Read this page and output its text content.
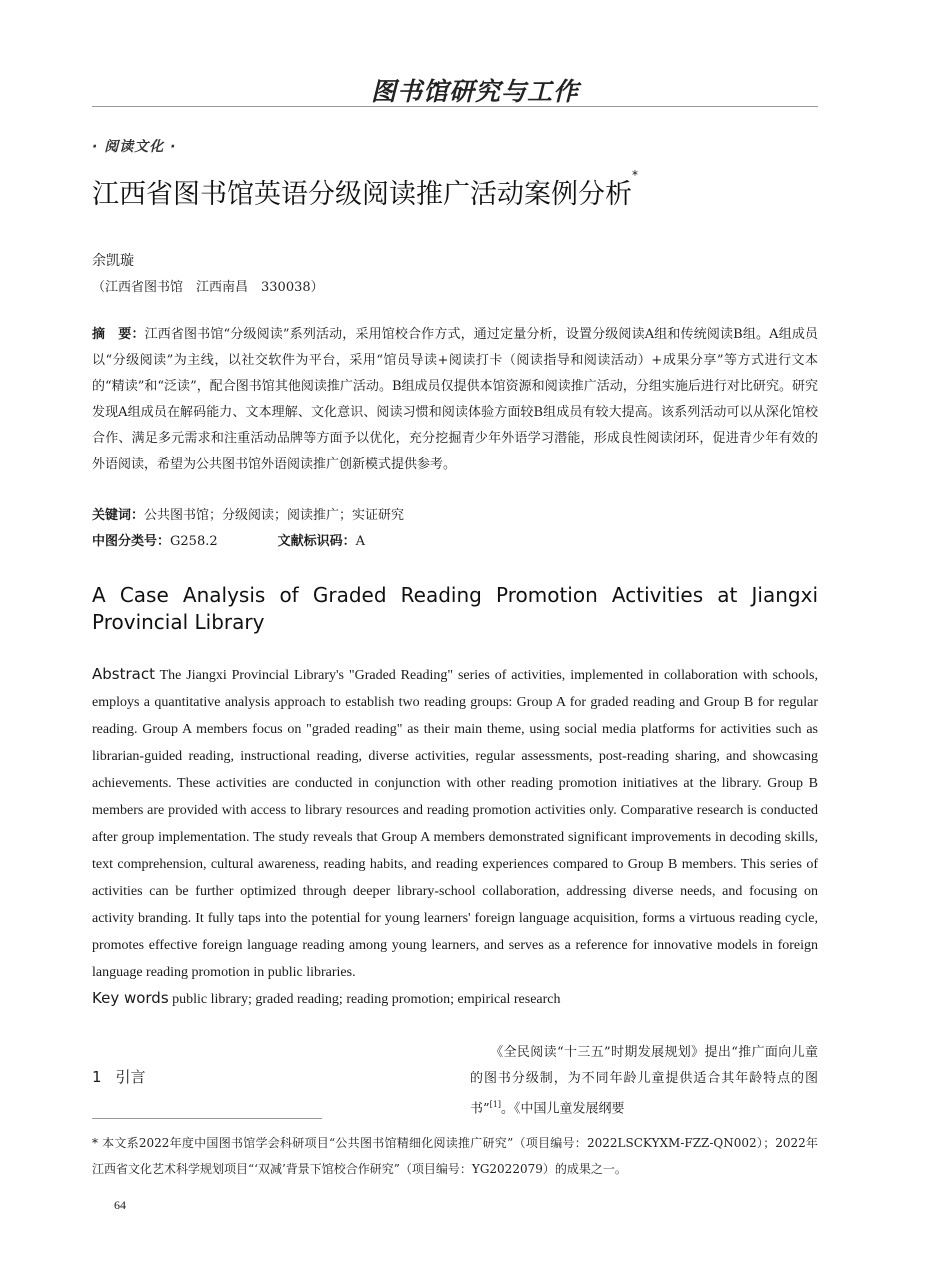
图书馆研究与工作
· 阅读文化 ·
江西省图书馆英语分级阅读推广活动案例分析*
余凯璇
（江西省图书馆　江西南昌　330038）
摘　要：江西省图书馆“分级阅读”系列活动，采用馆校合作方式，通过定量分析，设置分级阅读A组和传统阅读B组。A组成员以“分级阅读”为主线，以社交软件为平台，采用“馆员导读+阅读打卡（阅读指导和阅读活动）+成果分享”等方式进行文本的“精读”和“泛读”，配合图书馆其他阅读推广活动。B组成员仅提供本馆资源和阅读推广活动，分组实施后进行对比研究。研究发现A组成员在解码能力、文本理解、文化意识、阅读习惯和阅读体验方面较B组成员有较大提高。该系列活动可以从深化馆校合作、满足多元需求和注重活动品牌等方面予以优化，充分挖掘青少年外语学习潜能，形成良性阅读闭环，促进青少年有效的外语阅读，希望为公共图书馆外语阅读推广创新模式提供参考。
关键词：公共图书馆；分级阅读；阅读推广；实证研究
中图分类号：G258.2	文献标识码：A
A Case Analysis of Graded Reading Promotion Activities at Jiangxi Provincial Library
Abstract The Jiangxi Provincial Library's "Graded Reading" series of activities, implemented in collaboration with schools, employs a quantitative analysis approach to establish two reading groups: Group A for graded reading and Group B for regular reading. Group A members focus on "graded reading" as their main theme, using social media platforms for activities such as librarian-guided reading, instructional reading, diverse activities, regular assessments, post-reading sharing, and showcasing achievements. These activities are conducted in conjunction with other reading promotion initiatives at the library. Group B members are provided with access to library resources and reading promotion activities only. Comparative research is conducted after group implementation. The study reveals that Group A members demonstrated significant improvements in decoding skills, text comprehension, cultural awareness, reading habits, and reading experiences compared to Group B members. This series of activities can be further optimized through deeper library-school collaboration, addressing diverse needs, and focusing on activity branding. It fully taps into the potential for young learners' foreign language acquisition, forms a virtuous reading cycle, promotes effective foreign language reading among young learners, and serves as a reference for innovative models in foreign language reading promotion in public libraries.
Key words public library; graded reading; reading promotion; empirical research
1 引言

　　《全民阅读“十三五”时期发展规划》提出“推广面向儿童的图书分级制，为不同年龄儿童提供适合其年龄特点的图书”[1]。《中国儿童发展纲要

* 本文系2022年度中国图书馆学会科研项目“公共图书馆精细化阅读推广研究”（项目编号：2022LSCKYXM-FZZ-QN002）；2022年江西省文化艺术科学规划项目“‘双减’背景下馆校合作研究”（项目编号：YG2022079）的成果之一。
64
